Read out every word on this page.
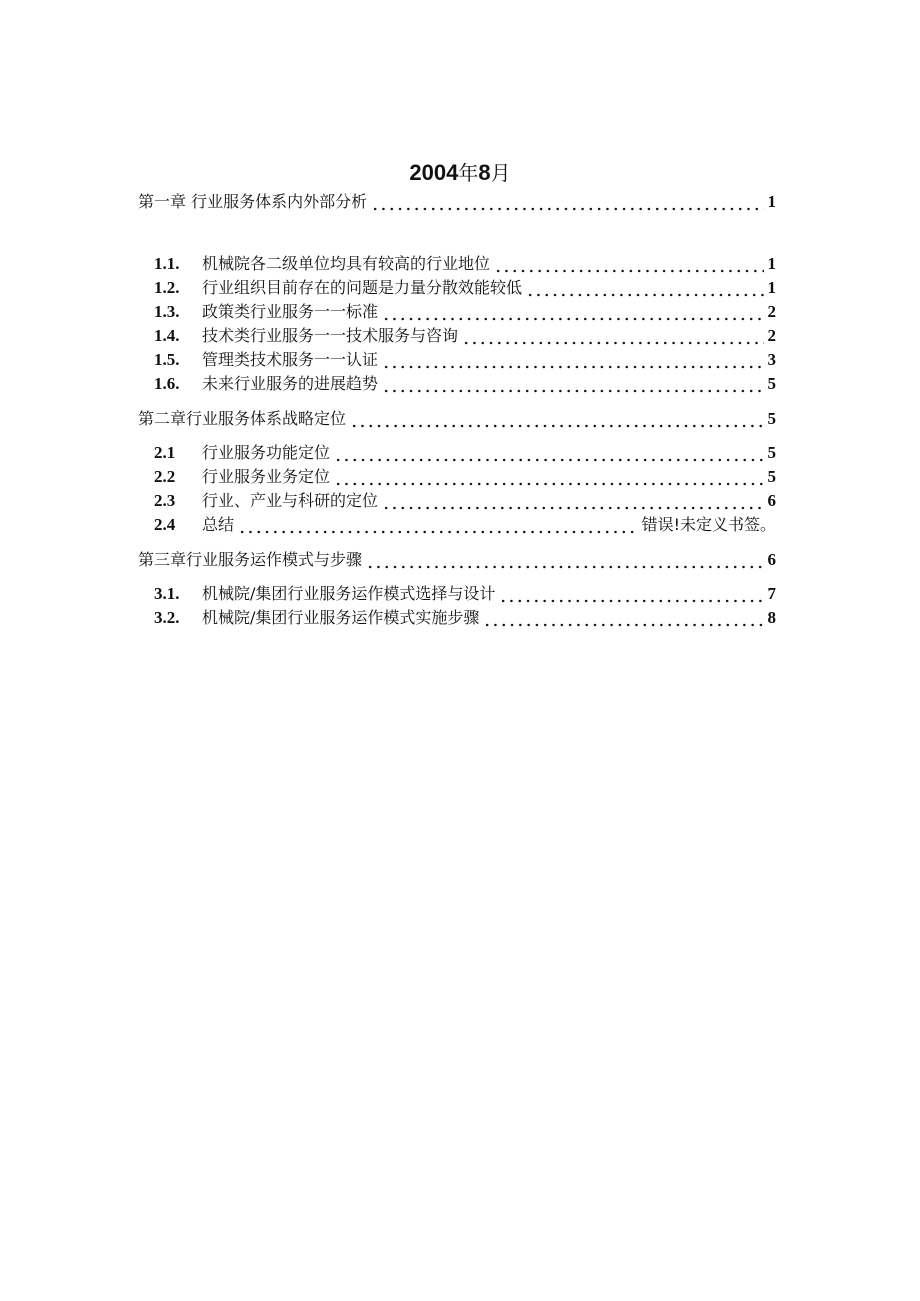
2004年8月
第一章 行业服务体系内外部分析	1
1.1.	机械院各二级单位均具有较高的行业地位	1
1.2.	行业组织目前存在的问题是力量分散效能较低	1
1.3.	政策类行业服务一一标准	2
1.4.	技术类行业服务一一技术服务与咨询	2
1.5.	管理类技术服务一一认证	3
1.6.	未来行业服务的进展趋势	5
第二章行业服务体系战略定位	5
2.1	行业服务功能定位	5
2.2	行业服务业务定位	5
2.3	行业、产业与科研的定位	6
2.4	总结	错误!未定义书签。
第三章行业服务运作模式与步骤	6
3.1.	机械院/集团行业服务运作模式选择与设计	7
3.2.	机械院/集团行业服务运作模式实施步骤	8
